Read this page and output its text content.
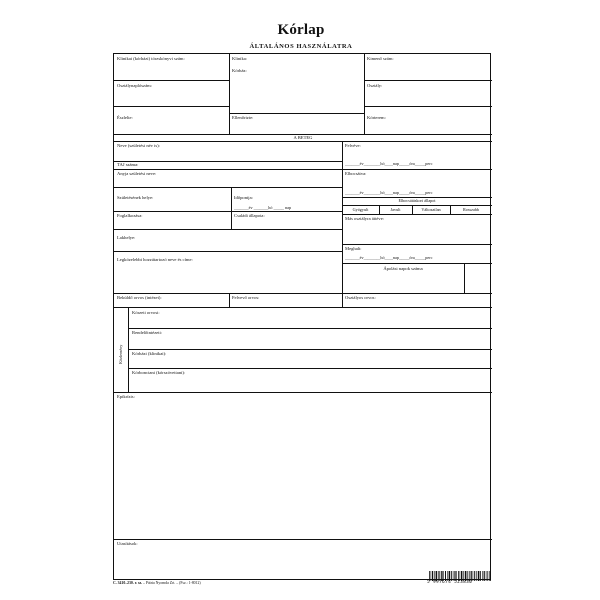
Kórlap
ÁLTALÁNOS HASZNÁLATRA
Klinikai (kórházi) törzskönyvi szám:	Klinika:
Kórház:
Kimenő szám:
Osztálynaplószám:	Osztály:
Észlelte:	Ellenőrizte:	Kórterem:
A BETEG
Neve (születési név is):
TAJ száma:
Anyja születési neve:
Születésének helye:	Időpontja:
_______év _______hó _____ nap
Foglalkozása:	Családi állapota:
Lakhelye:
Legközelebbi hozzátartozó neve és címe:
Felvéve:
_______év________hó____nap_____óra_____perc
Elbocsátva:
_______év________hó____nap_____óra_____perc
Elbocsátáskori állapot
Gyógyult	Javult	Változatlan	Rosszabb
Más osztályra áttéve:
Meghalt:
_______év________hó____nap_____óra_____perc
Ápolási napok száma
Beküldő orvos (intézet):	Felvevő orvos:	Osztályos orvos:
Közlemény
Körzeti orvosi:
Rendelőintézeti:
Kórházi (klinikai):
Kórbonctani (kórszövettani):
Epikrízis:
Utasítások:
C. 3410–230. r. sz. – Pátria Nyomda Zrt. – (Fsz.: 1-8012)	5 997674 523830
